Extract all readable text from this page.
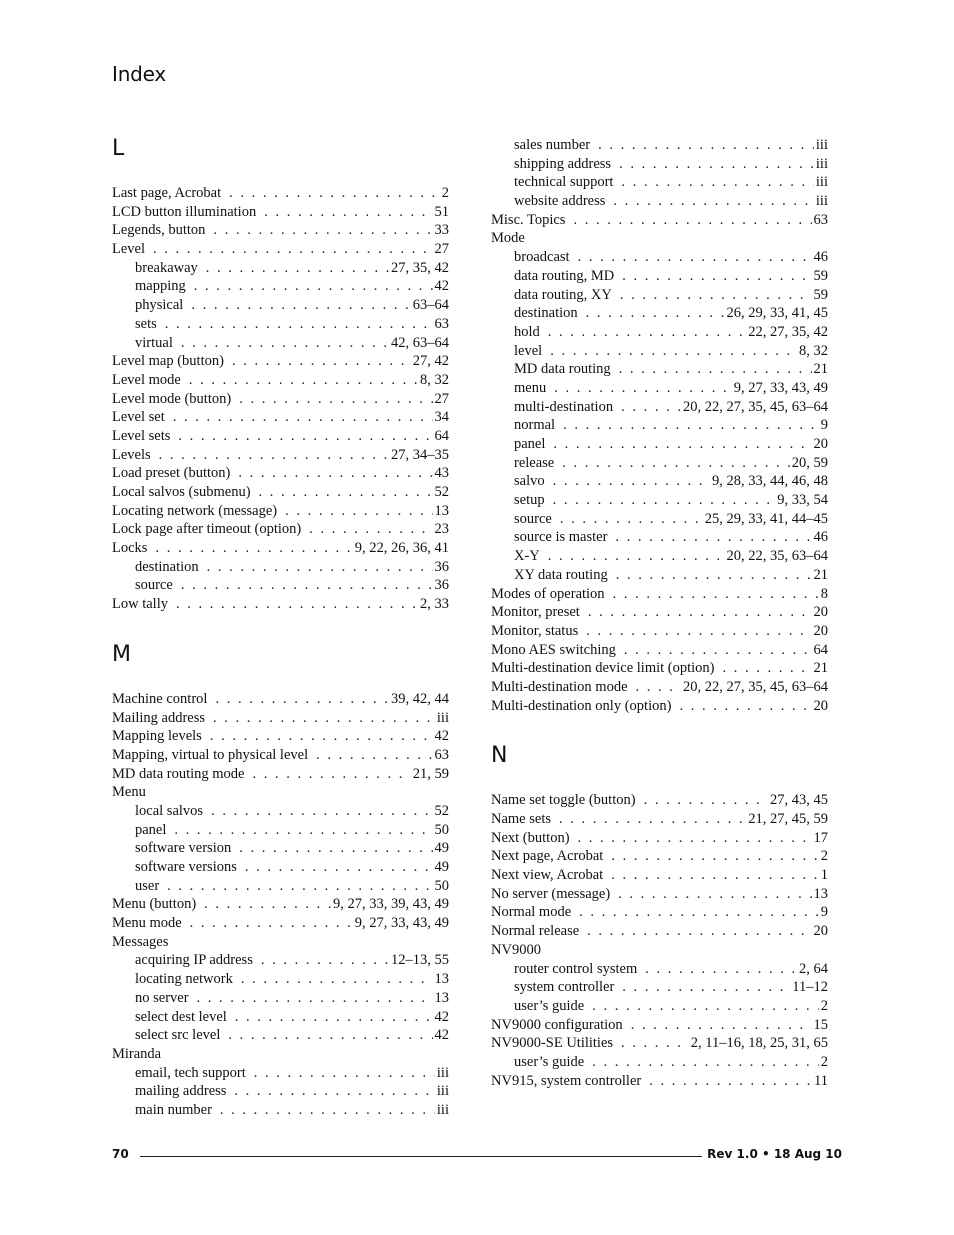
Index
L
Last page, Acrobat . . .	2
LCD button illumination . . .	51
Legends, button . . .	33
Level . . .	27
breakaway . . .	27, 35, 42
mapping . . .	42
physical . . .	63–64
sets . . .	63
virtual . . .	42, 63–64
Level map (button) . . .	27, 42
Level mode . . .	8, 32
Level mode (button) . . .	27
Level set . . .	34
Level sets . . .	64
Levels . . .	27, 34–35
Load preset (button) . . .	43
Local salvos (submenu) . . .	52
Locating network (message) . . .	13
Lock page after timeout (option) . . .	23
Locks . . .	9, 22, 26, 36, 41
destination . . .	36
source . . .	36
Low tally . . .	2, 33
M
Machine control . . .	39, 42, 44
Mailing address . . .	iii
Mapping levels . . .	42
Mapping, virtual to physical level . . .	63
MD data routing mode . . .	21, 59
Menu
local salvos . . .	52
panel . . .	50
software version . . .	49
software versions . . .	49
user . . .	50
Menu (button) . . .	9, 27, 33, 39, 43, 49
Menu mode . . .	9, 27, 33, 43, 49
Messages
acquiring IP address . . .	12–13, 55
locating network . . .	13
no server . . .	13
select dest level . . .	42
select src level . . .	42
Miranda
email, tech support . . .	iii
mailing address . . .	iii
main number . . .	iii
sales number . . .	iii
shipping address . . .	iii
technical support . . .	iii
website address . . .	iii
Misc. Topics . . .	63
Mode
broadcast . . .	46
data routing, MD . . .	59
data routing, XY . . .	59
destination . . .	26, 29, 33, 41, 45
hold . . .	22, 27, 35, 42
level . . .	8, 32
MD data routing . . .	21
menu . . .	9, 27, 33, 43, 49
multi-destination . . .	20, 22, 27, 35, 45, 63–64
normal . . .	9
panel . . .	20
release . . .	20, 59
salvo . . .	9, 28, 33, 44, 46, 48
setup . . .	9, 33, 54
source . . .	25, 29, 33, 41, 44–45
source is master . . .	46
X-Y . . .	20, 22, 35, 63–64
XY data routing . . .	21
Modes of operation . . .	8
Monitor, preset . . .	20
Monitor, status . . .	20
Mono AES switching . . .	64
Multi-destination device limit (option) . . .	21
Multi-destination mode . . .	20, 22, 27, 35, 45, 63–64
Multi-destination only (option) . . .	20
N
Name set toggle (button) . . .	27, 43, 45
Name sets . . .	21, 27, 45, 59
Next (button) . . .	17
Next page, Acrobat . . .	2
Next view, Acrobat . . .	1
No server (message) . . .	13
Normal mode . . .	9
Normal release . . .	20
NV9000
router control system . . .	2, 64
system controller . . .	11–12
user’s guide . . .	2
NV9000 configuration . . .	15
NV9000-SE Utilities . . .	2, 11–16, 18, 25, 31, 65
user’s guide . . .	2
NV915, system controller . . .	11
70	Rev 1.0 • 18 Aug 10
